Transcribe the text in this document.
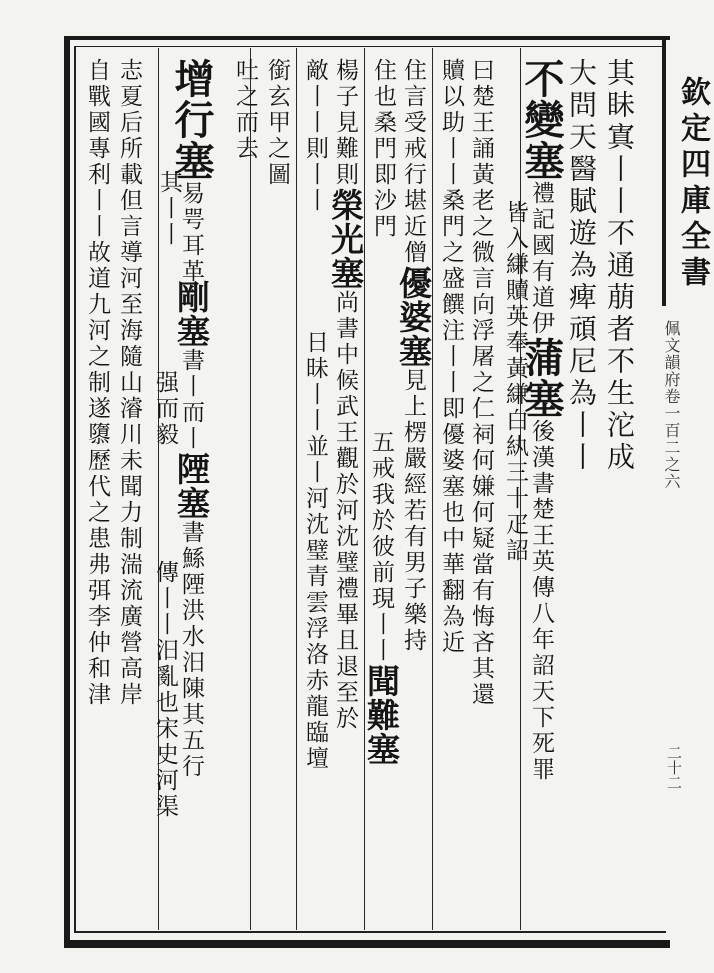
欽定四庫全書
佩文韻府卷一百二之六
二十二
其眛寘丨丨不通萠者不生沱成
大問天醫賦遊為痺頑尼為丨丨
不變塞禮記國有道伊蒲塞後漢書楚王英傳八年詔天下死罪
皆入縑贖英奉黃縑白紈三十疋詔
曰楚王誦黃老之微言向浮屠之仁祠何嫌何疑當有悔吝其還
贖以助丨丨桑門之盛饌注丨丨即優婆塞也中華翻為近
住言受戒行堪近僧優婆塞見上楞嚴經若有男子樂持
住也桑門即沙門
五戒我於彼前現丨丨聞難塞
楊子見難則榮光塞尚書中候武王觀於河沈璧禮畢且退至於
敵丨丨則丨丨
日昧丨丨並丨河沈璧青雲浮洛赤龍臨壇
銜玄甲之圖
吐之而去
增行塞易咢耳革
其丨丨
剛塞書丨而丨陻塞書鯀陻洪水汨陳其五行
强而毅
傳丨丨汨亂也宋史河渠
志夏后所載但言導河至海隨山濬川未聞力制湍流廣營高岸
自戰國專利丨丨故道九河之制遂隳歷代之患弗弭李仲和津
